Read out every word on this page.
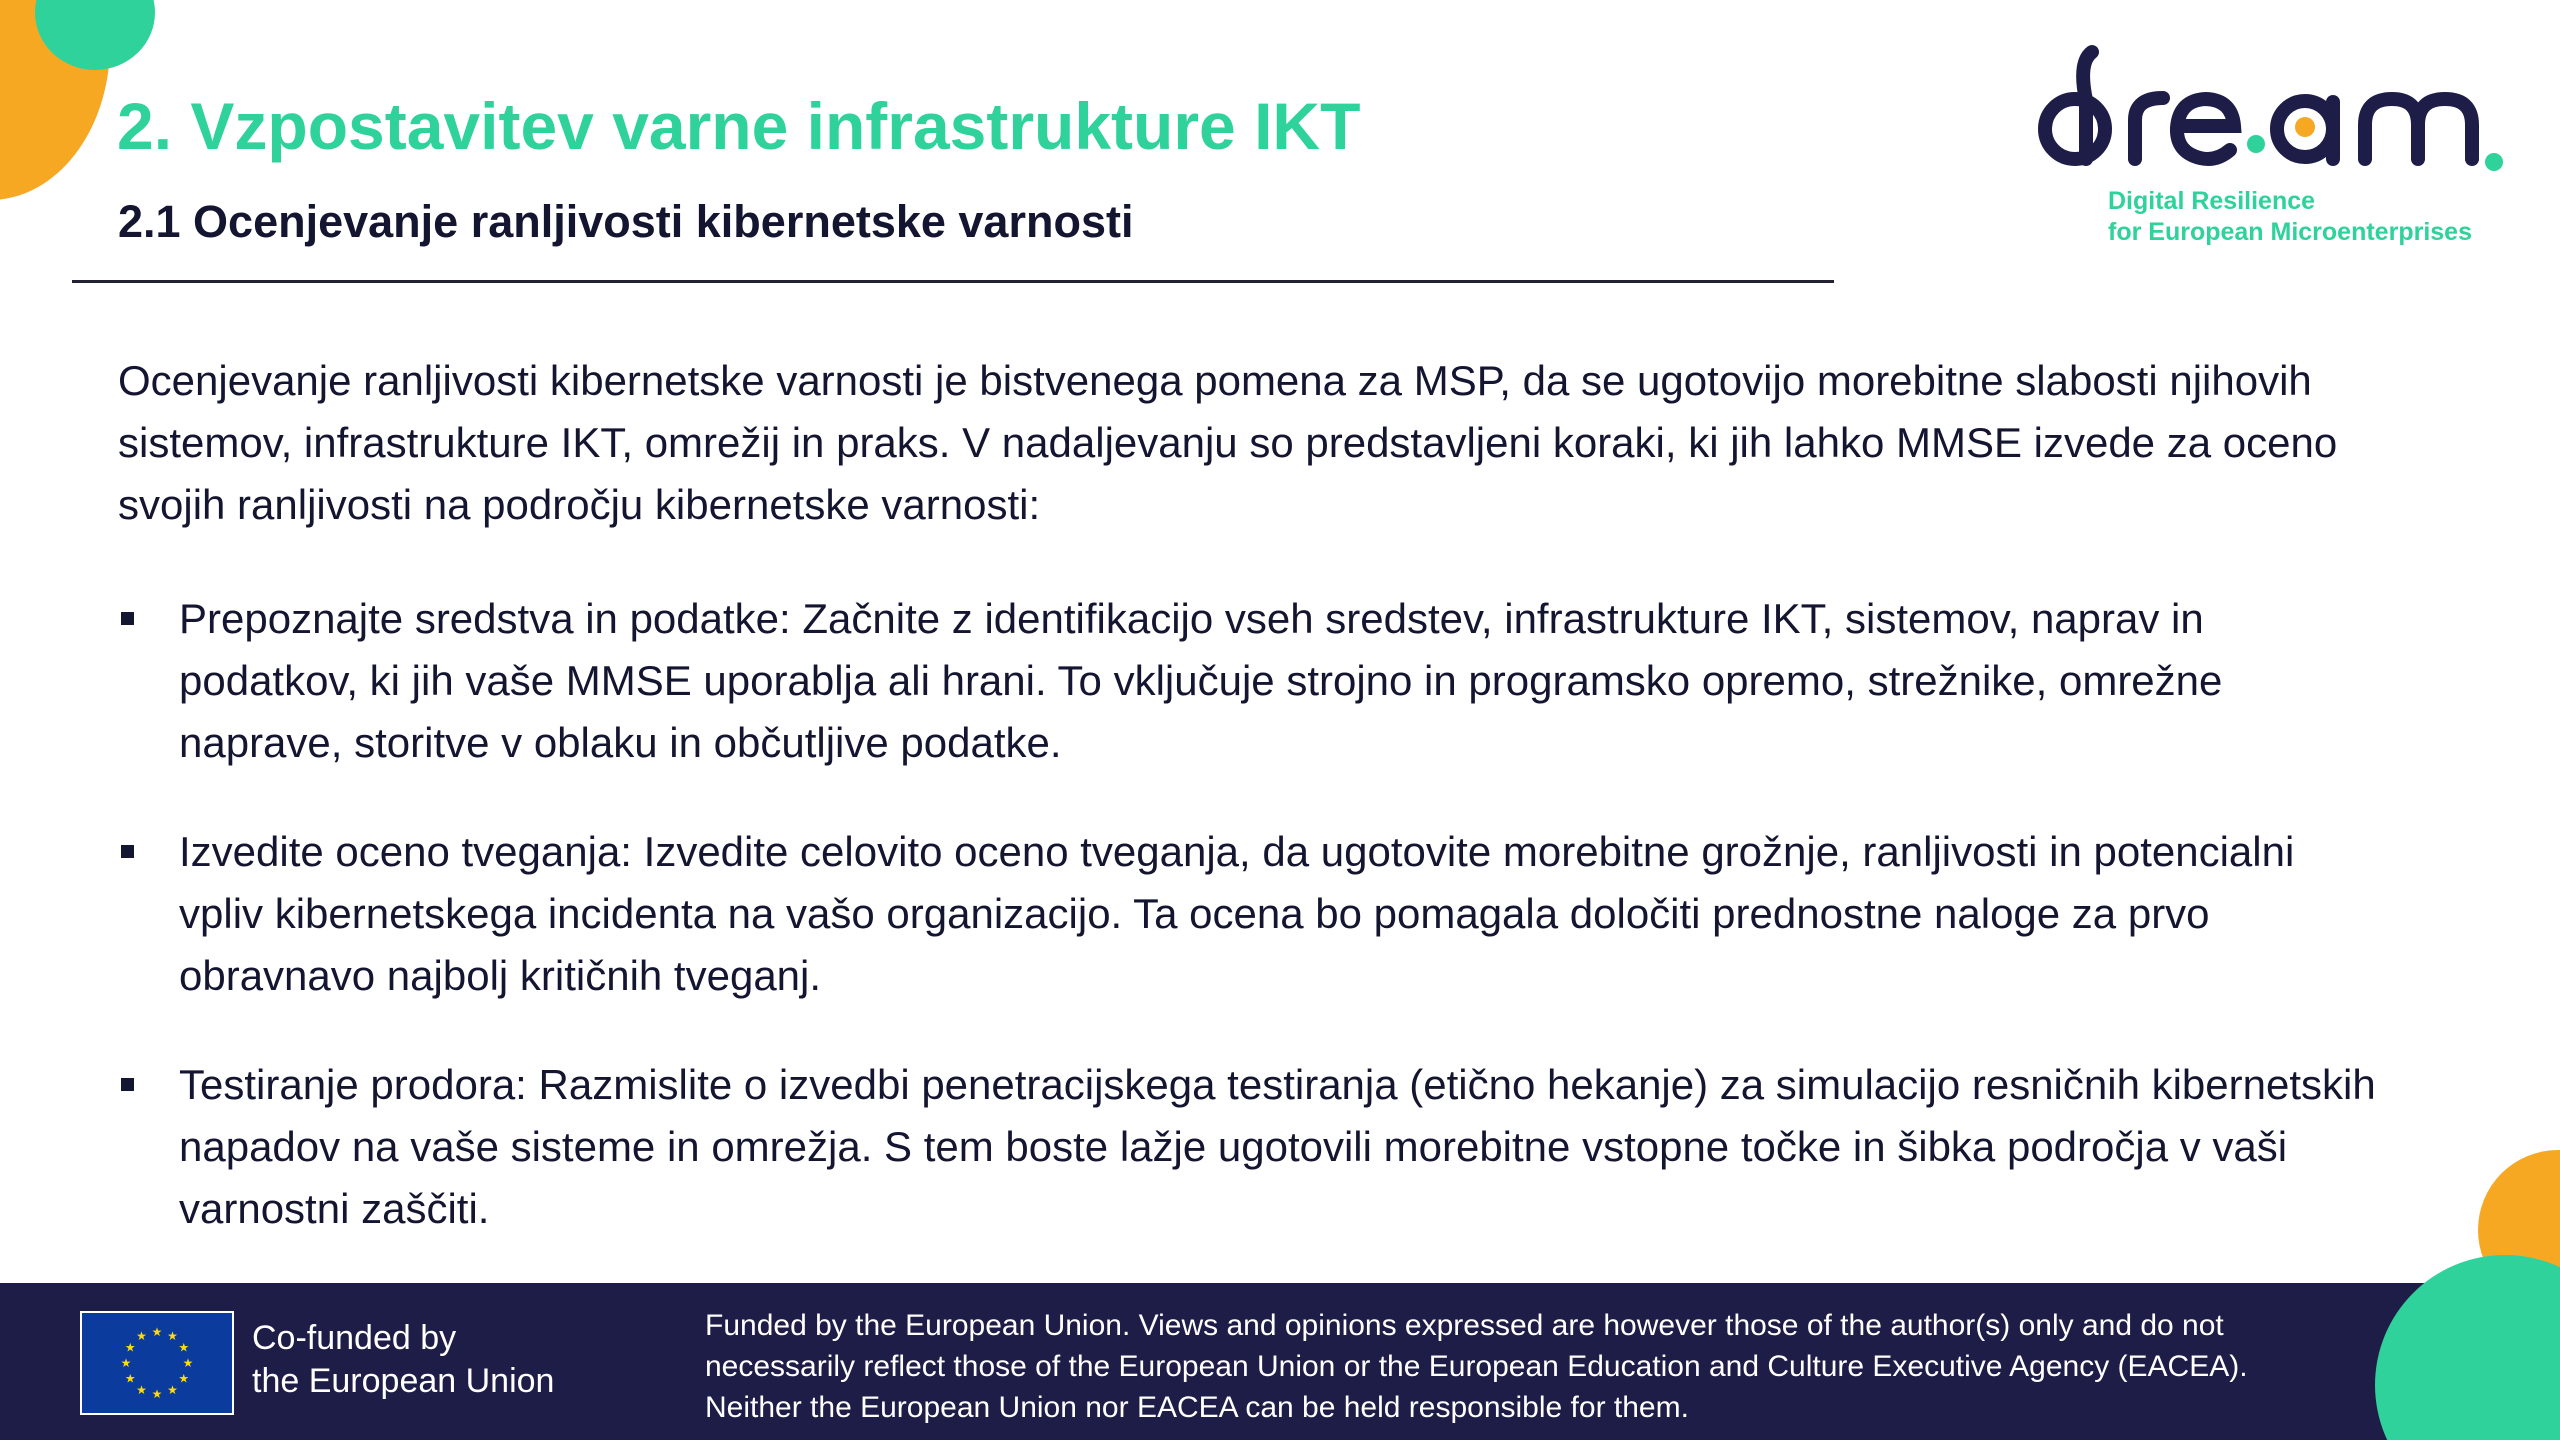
2. Vzpostavitev varne infrastrukture IKT
2.1 Ocenjevanje ranljivosti kibernetske varnosti	Digital Resilience

for European Microenterprises

Ocenjevanje ranljivosti kibernetske varnosti je bistvenega pomena za MSP, da se ugotovijo morebitne slabosti njihovih sistemov, infrastrukture IKT, omrežij in praks. V nadaljevanju so predstavljeni koraki, ki jih lahko MMSE izvede za oceno svojih ranljivosti na področju kibernetske varnosti:

Prepoznajte sredstva in podatke: Začnite z identifikacijo vseh sredstev, infrastrukture IKT, sistemov, naprav in podatkov, ki jih vaše MMSE uporablja ali hrani. To vključuje strojno in programsko opremo, strežnike, omrežne naprave, storitve v oblaku in občutljive podatke.
Izvedite oceno tveganja: Izvedite celovito oceno tveganja, da ugotovite morebitne grožnje, ranljivosti in potencialni vpliv kibernetskega incidenta na vašo organizacijo. Ta ocena bo pomagala določiti prednostne naloge za prvo obravnavo najbolj kritičnih tveganj.
Testiranje prodora: Razmislite o izvedbi penetracijskega testiranja (etično hekanje) za simulacijo resničnih kibernetskih napadov na vaše sisteme in omrežja. S tem boste lažje ugotovili morebitne vstopne točke in šibka področja v vaši varnostni zaščiti.
★ ★
★
★
★
★
★
★
★
★
★
★	Co-funded by
the European Union

Funded by the European Union. Views and opinions expressed are however those of the author(s) only and do not
necessarily reflect those of the European Union or the European Education and Culture Executive Agency (EACEA).
Neither the European Union nor EACEA can be held responsible for them.
